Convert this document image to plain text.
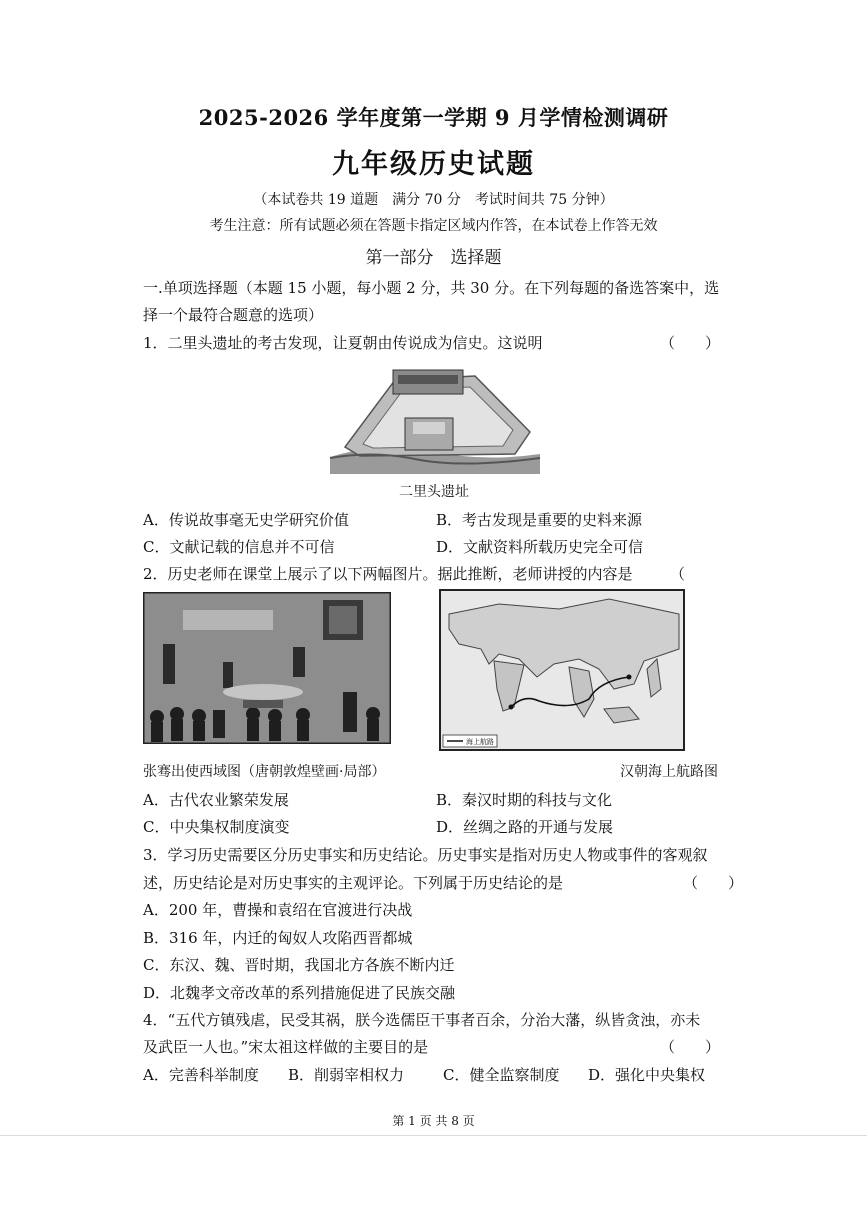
2025-2026 学年度第一学期 9 月学情检测调研
九年级历史试题
（本试卷共 19 道题　满分 70 分　考试时间共 75 分钟）
考生注意：所有试题必须在答题卡指定区域内作答，在本试卷上作答无效
第一部分　选择题
一.单项选择题（本题 15 小题，每小题 2 分，共 30 分。在下列每题的备选答案中，选
择一个最符合题意的选项）
1．二里头遗址的考古发现，让夏朝由传说成为信史。这说明	（　　）
二里头遗址
A．传说故事毫无史学研究价值	B．考古发现是重要的史料来源
C．文献记载的信息并不可信	D．文献资料所载历史完全可信
2．历史老师在课堂上展示了以下两幅图片。据此推断，老师讲授的内容是 （
海上航路
张骞出使西域图（唐朝敦煌壁画·局部）	汉朝海上航路图
A．古代农业繁荣发展	B．秦汉时期的科技与文化
C．中央集权制度演变	D．丝绸之路的开通与发展
3．学习历史需要区分历史事实和历史结论。历史事实是指对历史人物或事件的客观叙
述，历史结论是对历史事实的主观评论。下列属于历史结论的是	（　　）
A．200 年，曹操和袁绍在官渡进行决战
B．316 年，内迁的匈奴人攻陷西晋都城
C．东汉、魏、晋时期，我国北方各族不断内迁
D．北魏孝文帝改革的系列措施促进了民族交融
4．“五代方镇残虐，民受其祸，朕今选儒臣干事者百余，分治大藩，纵皆贪浊，亦未
及武臣一人也。”宋太祖这样做的主要目的是	（　　）
A．完善科举制度 B．削弱宰相权力	C．健全监察制度 D．强化中央集权
第 1 页 共 8 页
